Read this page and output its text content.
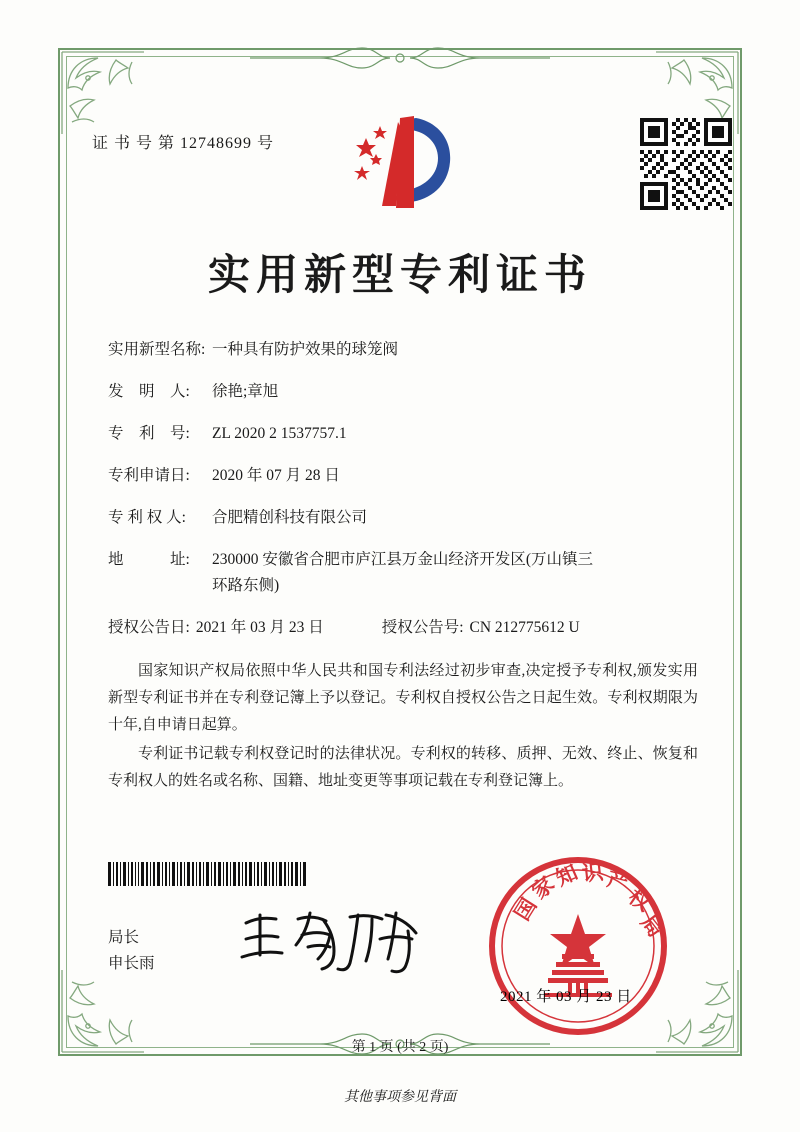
证 书 号 第 12748699 号
实用新型专利证书
实用新型名称: 一种具有防护效果的球笼阀
发　明　人:	徐艳;章旭
专　利　号:	ZL 2020 2 1537757.1
专利申请日:	2020 年 07 月 28 日
专 利 权 人:	合肥精创科技有限公司
地　　　址:	230000 安徽省合肥市庐江县万金山经济开发区(万山镇三
环路东侧)
授权公告日: 2021 年 03 月 23 日	授权公告号: CN 212775612 U

国家知识产权局依照中华人民共和国专利法经过初步审查,决定授予专利权,颁发实用新型专利证书并在专利登记簿上予以登记。专利权自授权公告之日起生效。专利权期限为十年,自申请日起算。

专利证书记载专利权登记时的法律状况。专利权的转移、质押、无效、终止、恢复和专利权人的姓名或名称、国籍、地址变更等事项记载在专利登记簿上。

局长
申长雨
国
家
知 识 产
权
局
2021 年 03 月 23 日
第 1 页 (共 2 页)
其他事项参见背面
